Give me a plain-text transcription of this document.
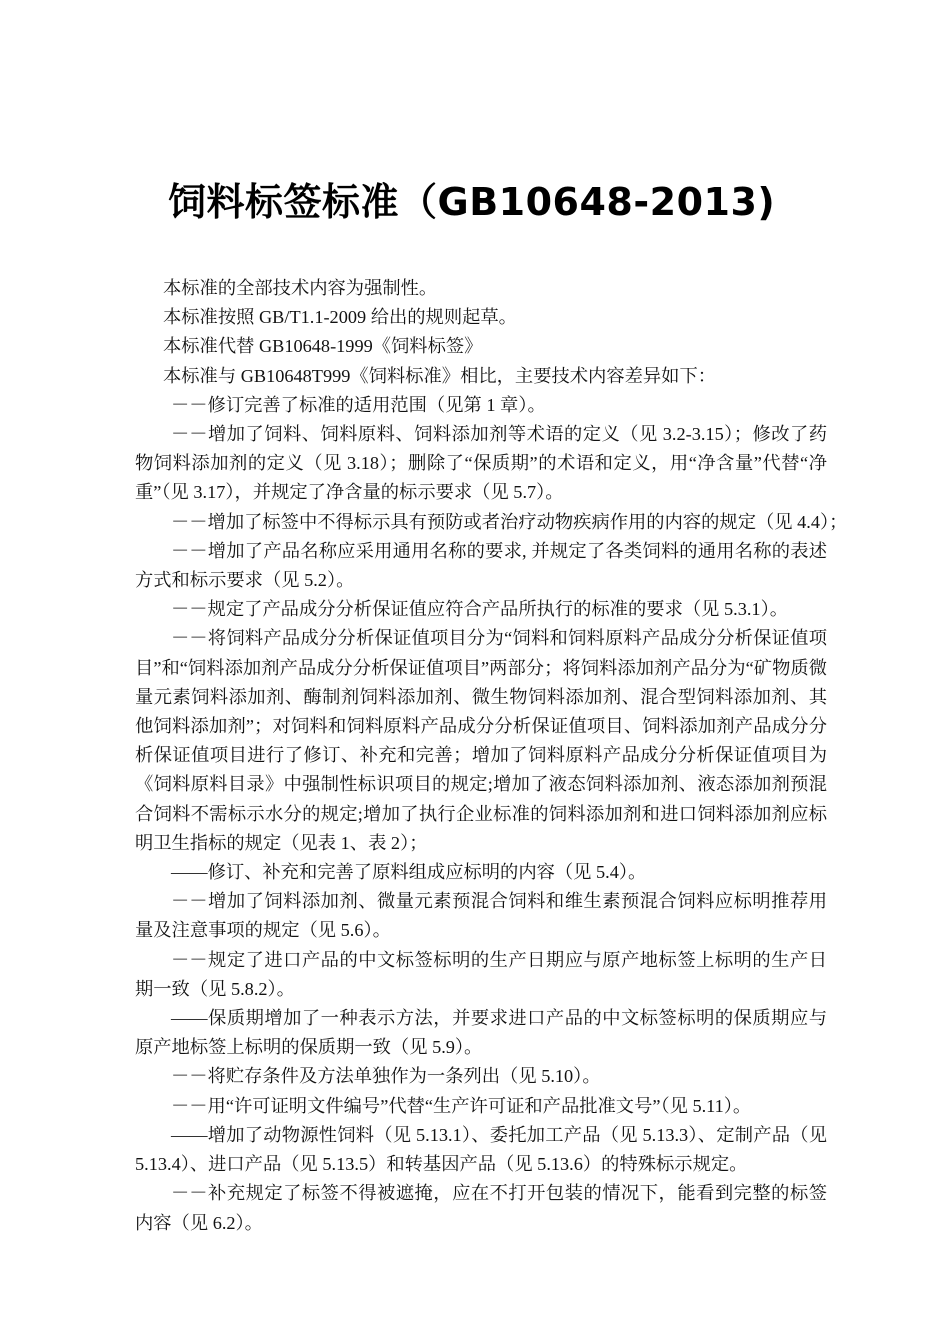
饲料标签标准（GB10648-2013)

本标准的全部技术内容为强制性。

本标准按照 GB/T1.1-2009 给出的规则起草。

本标准代替 GB10648-1999《饲料标签》

本标准与 GB10648T999《饲料标准》相比，主要技术内容差异如下：

－－修订完善了标准的适用范围（见第 1 章）。

－－增加了饲料、饲料原料、饲料添加剂等术语的定义（见 3.2-3.15）；修改了药物饲料添加剂的定义（见 3.18）；删除了“保质期”的术语和定义，用“净含量”代替“净重”（见 3.17），并规定了净含量的标示要求（见 5.7）。

－－增加了标签中不得标示具有预防或者治疗动物疾病作用的内容的规定（见 4.4）；

－－增加了产品名称应采用通用名称的要求, 并规定了各类饲料的通用名称的表述方式和标示要求（见 5.2）。

－－规定了产品成分分析保证值应符合产品所执行的标准的要求（见 5.3.1）。

－－将饲料产品成分分析保证值项目分为“饲料和饲料原料产品成分分析保证值项目”和“饲料添加剂产品成分分析保证值项目”两部分；将饲料添加剂产品分为“矿物质微量元素饲料添加剂、酶制剂饲料添加剂、微生物饲料添加剂、混合型饲料添加剂、其他饲料添加剂”；对饲料和饲料原料产品成分分析保证值项目、饲料添加剂产品成分分析保证值项目进行了修订、补充和完善；增加了饲料原料产品成分分析保证值项目为《饲料原料目录》中强制性标识项目的规定;增加了液态饲料添加剂、液态添加剂预混合饲料不需标示水分的规定;增加了执行企业标准的饲料添加剂和进口饲料添加剂应标明卫生指标的规定（见表 1、表 2）；

——修订、补充和完善了原料组成应标明的内容（见 5.4）。

－－增加了饲料添加剂、微量元素预混合饲料和维生素预混合饲料应标明推荐用量及注意事项的规定（见 5.6）。

－－规定了进口产品的中文标签标明的生产日期应与原产地标签上标明的生产日期一致（见 5.8.2）。

——保质期增加了一种表示方法，并要求进口产品的中文标签标明的保质期应与原产地标签上标明的保质期一致（见 5.9）。

－－将贮存条件及方法单独作为一条列出（见 5.10）。

－－用“许可证明文件编号”代替“生产许可证和产品批准文号”（见 5.11）。

——增加了动物源性饲料（见 5.13.1）、委托加工产品（见 5.13.3）、定制产品（见 5.13.4）、进口产品（见 5.13.5）和转基因产品（见 5.13.6）的特殊标示规定。

－－补充规定了标签不得被遮掩，应在不打开包装的情况下，能看到完整的标签内容（见 6.2）。
